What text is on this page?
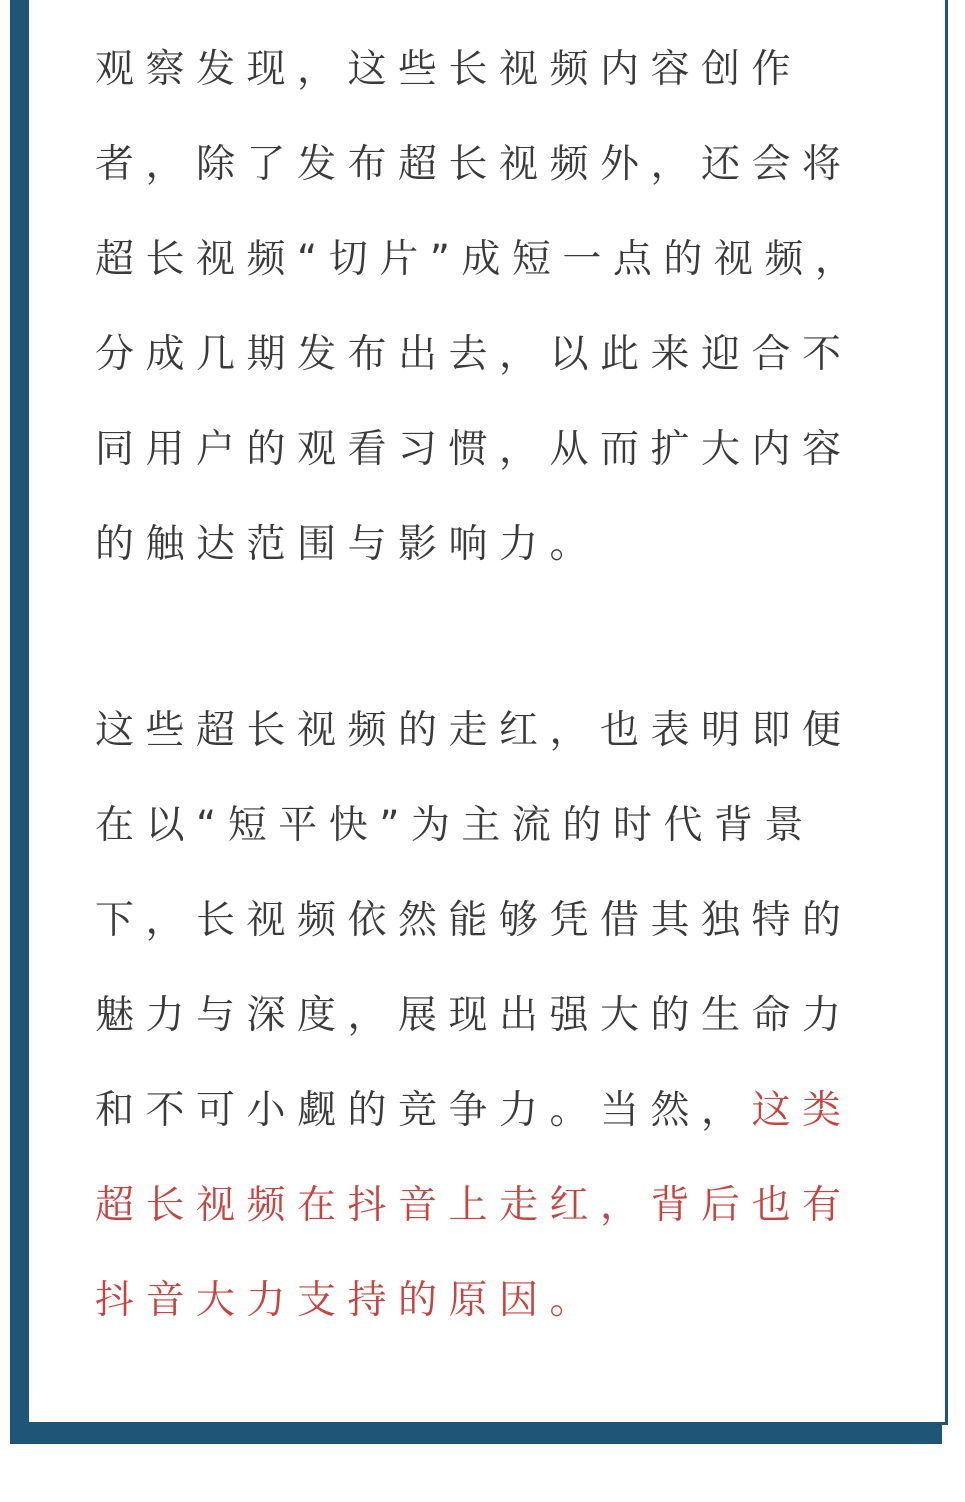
观察发现，这些长视频内容创作者，除了发布超长视频外，还会将超长视频“切片”成短一点的视频，分成几期发布出去，以此来迎合不同用户的观看习惯，从而扩大内容的触达范围与影响力。
这些超长视频的走红，也表明即便在以“短平快”为主流的时代背景下，长视频依然能够凭借其独特的魅力与深度，展现出强大的生命力和不可小觑的竞争力。当然，这类超长视频在抖音上走红，背后也有抖音大力支持的原因。
